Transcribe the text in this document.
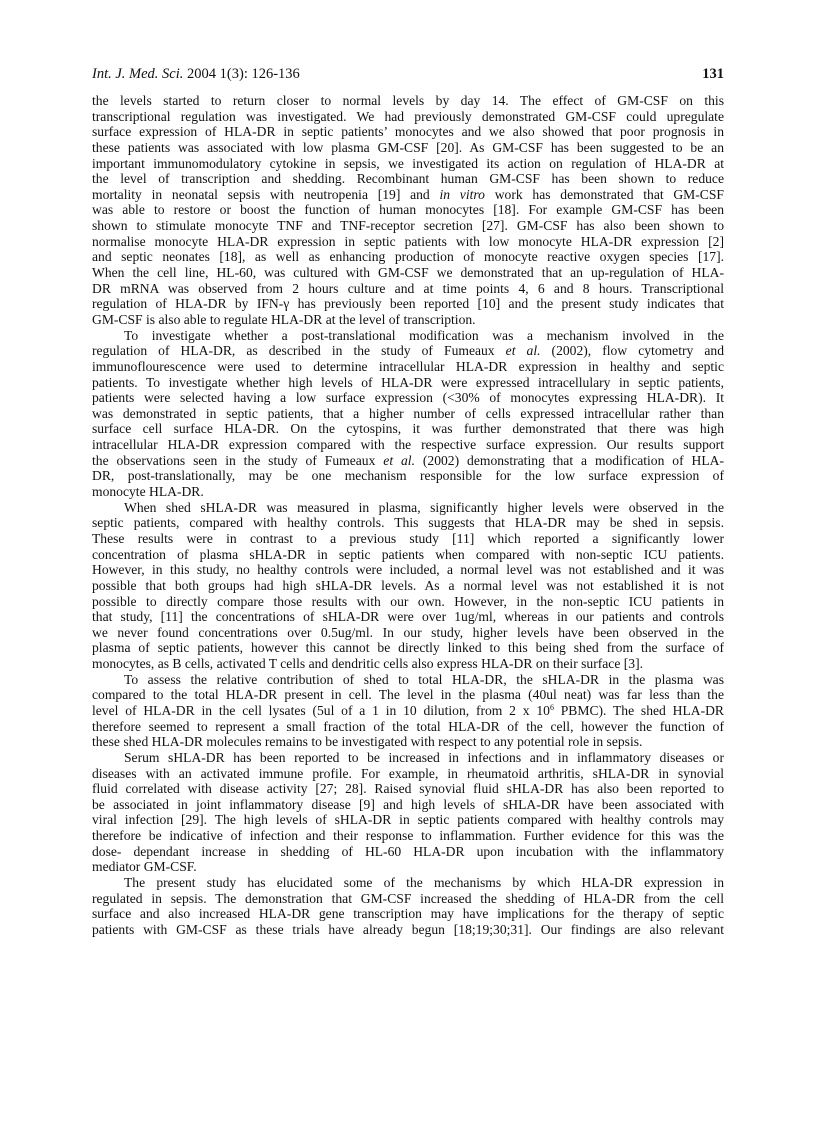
Int. J. Med. Sci. 2004 1(3): 126-136	131
the levels started to return closer to normal levels by day 14. The effect of GM-CSF on this
transcriptional regulation was investigated. We had previously demonstrated GM-CSF could upregulate
surface expression of HLA-DR in septic patients’ monocytes and we also showed that poor prognosis in
these patients was associated with low plasma GM-CSF [20]. As GM-CSF has been suggested to be an
important immunomodulatory cytokine in sepsis, we investigated its action on regulation of HLA-DR at
the level of transcription and shedding. Recombinant human GM-CSF has been shown to reduce
mortality in neonatal sepsis with neutropenia [19] and in vitro work has demonstrated that GM-CSF
was able to restore or boost the function of human monocytes [18]. For example GM-CSF has been
shown to stimulate monocyte TNF and TNF-receptor secretion [27]. GM-CSF has also been shown to
normalise monocyte HLA-DR expression in septic patients with low monocyte HLA-DR expression [2]
and septic neonates [18], as well as enhancing production of monocyte reactive oxygen species [17].
When the cell line, HL-60, was cultured with GM-CSF we demonstrated that an up-regulation of HLA-
DR mRNA was observed from 2 hours culture and at time points 4, 6 and 8 hours. Transcriptional
regulation of HLA-DR by IFN-γ has previously been reported [10] and the present study indicates that
GM-CSF is also able to regulate HLA-DR at the level of transcription.
To investigate whether a post-translational modification was a mechanism involved in the
regulation of HLA-DR, as described in the study of Fumeaux et al. (2002), flow cytometry and
immunoflourescence were used to determine intracellular HLA-DR expression in healthy and septic
patients. To investigate whether high levels of HLA-DR were expressed intracellulary in septic patients,
patients were selected having a low surface expression (<30% of monocytes expressing HLA-DR). It
was demonstrated in septic patients, that a higher number of cells expressed intracellular rather than
surface cell surface HLA-DR. On the cytospins, it was further demonstrated that there was high
intracellular HLA-DR expression compared with the respective surface expression. Our results support
the observations seen in the study of Fumeaux et al. (2002) demonstrating that a modification of HLA-
DR, post-translationally, may be one mechanism responsible for the low surface expression of
monocyte HLA-DR.
When shed sHLA-DR was measured in plasma, significantly higher levels were observed in the
septic patients, compared with healthy controls. This suggests that HLA-DR may be shed in sepsis.
These results were in contrast to a previous study [11] which reported a significantly lower
concentration of plasma sHLA-DR in septic patients when compared with non-septic ICU patients.
However, in this study, no healthy controls were included, a normal level was not established and it was
possible that both groups had high sHLA-DR levels. As a normal level was not established it is not
possible to directly compare those results with our own. However, in the non-septic ICU patients in
that study, [11] the concentrations of sHLA-DR were over 1ug/ml, whereas in our patients and controls
we never found concentrations over 0.5ug/ml. In our study, higher levels have been observed in the
plasma of septic patients, however this cannot be directly linked to this being shed from the surface of
monocytes, as B cells, activated T cells and dendritic cells also express HLA-DR on their surface [3].
To assess the relative contribution of shed to total HLA-DR, the sHLA-DR in the plasma was
compared to the total HLA-DR present in cell. The level in the plasma (40ul neat) was far less than the
level of HLA-DR in the cell lysates (5ul of a 1 in 10 dilution, from 2 x $10^6$ PBMC). The shed HLA-DR
therefore seemed to represent a small fraction of the total HLA-DR of the cell, however the function of
these shed HLA-DR molecules remains to be investigated with respect to any potential role in sepsis.
Serum sHLA-DR has been reported to be increased in infections and in inflammatory diseases or
diseases with an activated immune profile. For example, in rheumatoid arthritis, sHLA-DR in synovial
fluid correlated with disease activity [27; 28]. Raised synovial fluid sHLA-DR has also been reported to
be associated in joint inflammatory disease [9] and high levels of sHLA-DR have been associated with
viral infection [29]. The high levels of sHLA-DR in septic patients compared with healthy controls may
therefore be indicative of infection and their response to inflammation. Further evidence for this was the
dose- dependant increase in shedding of HL-60 HLA-DR upon incubation with the inflammatory
mediator GM-CSF.
The present study has elucidated some of the mechanisms by which HLA-DR expression in
regulated in sepsis. The demonstration that GM-CSF increased the shedding of HLA-DR from the cell
surface and also increased HLA-DR gene transcription may have implications for the therapy of septic
patients with GM-CSF as these trials have already begun [18;19;30;31]. Our findings are also relevant
